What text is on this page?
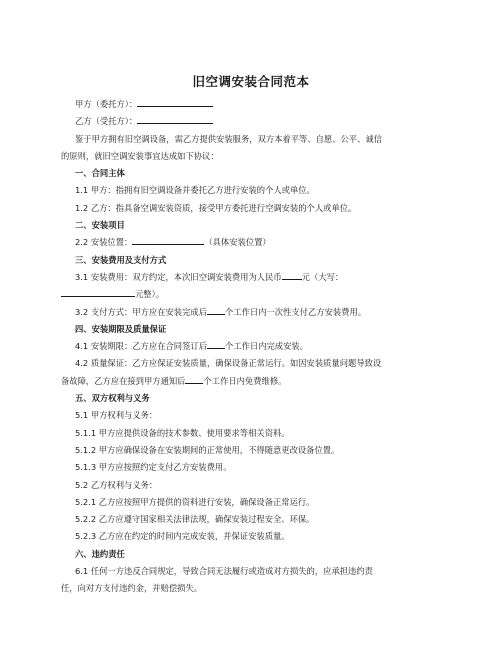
旧空调安装合同范本
甲方（委托方）：
乙方（受托方）：
鉴于甲方拥有旧空调设备，需乙方提供安装服务，双方本着平等、自愿、公平、诚信
的原则，就旧空调安装事宜达成如下协议：
一、合同主体
1.1 甲方：指拥有旧空调设备并委托乙方进行安装的个人或单位。
1.2 乙方：指具备空调安装资质，接受甲方委托进行空调安装的个人或单位。
二、安装项目
2.2 安装位置：	（具体安装位置）
三、安装费用及支付方式
3.1 安装费用：双方约定，本次旧空调安装费用为人民币 元（大写：
元整）。
3.2 支付方式：甲方应在安装完成后 个工作日内一次性支付乙方安装费用。
四、安装期限及质量保证
4.1 安装期限：乙方应在合同签订后 个工作日内完成安装。
4.2 质量保证：乙方应保证安装质量，确保设备正常运行。如因安装质量问题导致设
备故障，乙方应在接到甲方通知后 个工作日内免费维修。
五、双方权利与义务
5.1 甲方权利与义务：
5.1.1 甲方应提供设备的技术参数、使用要求等相关资料。
5.1.2 甲方应确保设备在安装期间的正常使用，不得随意更改设备位置。
5.1.3 甲方应按照约定支付乙方安装费用。
5.2 乙方权利与义务：
5.2.1 乙方应按照甲方提供的资料进行安装，确保设备正常运行。
5.2.2 乙方应遵守国家相关法律法规，确保安装过程安全、环保。
5.2.3 乙方应在约定的时间内完成安装，并保证安装质量。
六、违约责任
6.1 任何一方违反合同规定，导致合同无法履行或造成对方损失的，应承担违约责
任，向对方支付违约金，并赔偿损失。
